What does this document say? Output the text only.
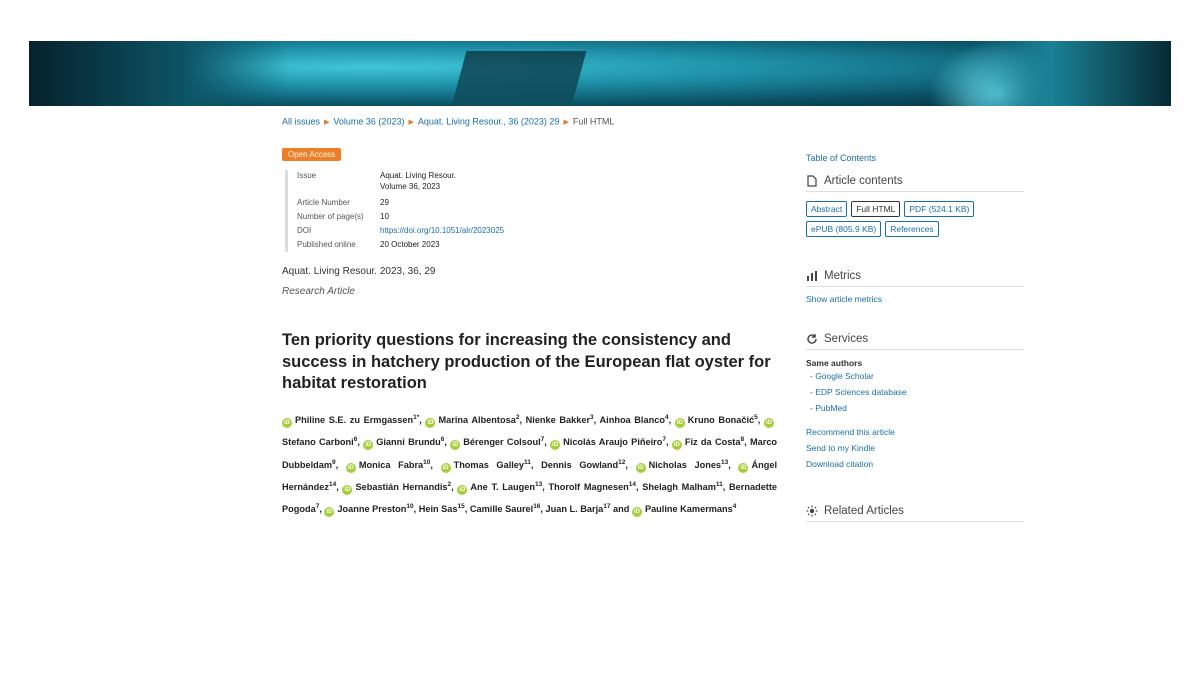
All issues ▶ Volume 36 (2023) ▶ Aquat. Living Resour., 36 (2023) 29 ▶ Full HTML
Open Access
Issue	Aquat. Living Resour.
Volume 36, 2023
Article Number	29
Number of page(s)	10
DOI	https://doi.org/10.1051/alr/2023025
Published online	20 October 2023
Aquat. Living Resour. 2023, 36, 29
Research Article
Ten priority questions for increasing the consistency and success in hatchery production of the European flat oyster for habitat restoration
iD Philine S.E. zu Ermgassen$^{1*}$, iD Marina Albentosa$^2$, Nienke Bakker$^3$, Ainhoa Blanco$^4$, iD Kruno Bonačić$^5$, iDStefano Carboni$^6$, iD Gianni Brundu$^6$, iD Bérenger Colsoul$^7$, iD Nicolás Araujo Piñeiro$^7$, iD Fiz da Costa$^8$, Marco Dubbeldam$^9$, iD Monica Fabra$^{10}$, iD Thomas Galley$^{11}$, Dennis Gowland$^{12}$, iD Nicholas Jones$^{13}$, iD Ángel Hernández$^{14}$, iD Sebastián Hernandis$^2$, iD Ane T. Laugen$^{13}$, Thorolf Magnesen$^{14}$, Shelagh Malham$^{11}$, Bernadette Pogoda$^7$, iD Joanne Preston$^{10}$, Hein Sas$^{15}$, Camille Saurel$^{16}$, Juan L. Barja$^{17}$ and iD Pauline Kamermans$^4$
Table of Contents
Article contents
Abstract	Full HTML	PDF (524.1 KB)
ePUB (805.9 KB)	References
Metrics
Show article metrics
Services
Same authors
- Google Scholar
- EDP Sciences database
- PubMed
Recommend this article
Send to my Kindle
Download citation
Related Articles
